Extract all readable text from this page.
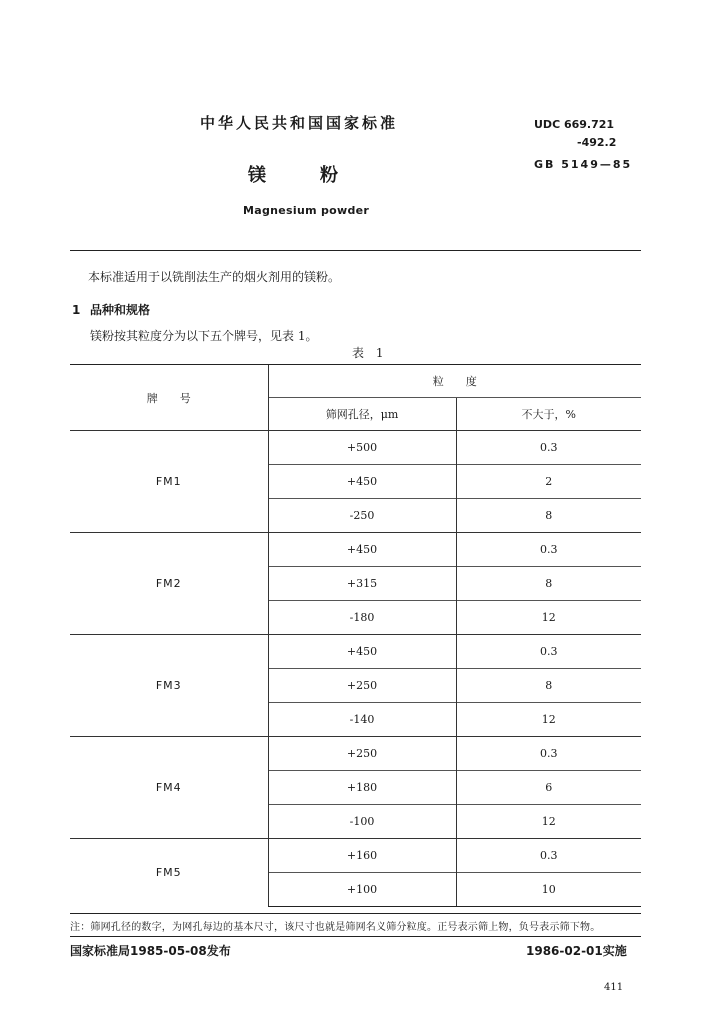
中华人民共和国国家标准
镁粉
Magnesium powder
UDC 669.721
-492.2
GB 5149—85
本标准适用于以铣削法生产的烟火剂用的镁粉。
1 品种和规格
镁粉按其粒度分为以下五个牌号，见表 1。
表 1
牌　　号	粒　　度	
	筛网孔径，μm	不大于，%
FM1	+500	0.3
	+450	2
	-250	8
FM2	+450	0.3
	+315	8
	-180	12
FM3	+450	0.3
	+250	8
	-140	12
FM4	+250	0.3
	+180	6
	-100	12
FM5	+160	0.3
	+100	10
注：筛网孔径的数字，为网孔每边的基本尺寸，该尺寸也就是筛网名义筛分粒度。正号表示筛上物，负号表示筛下物。
国家标准局1985-05-08发布	1986-02-01实施
411
